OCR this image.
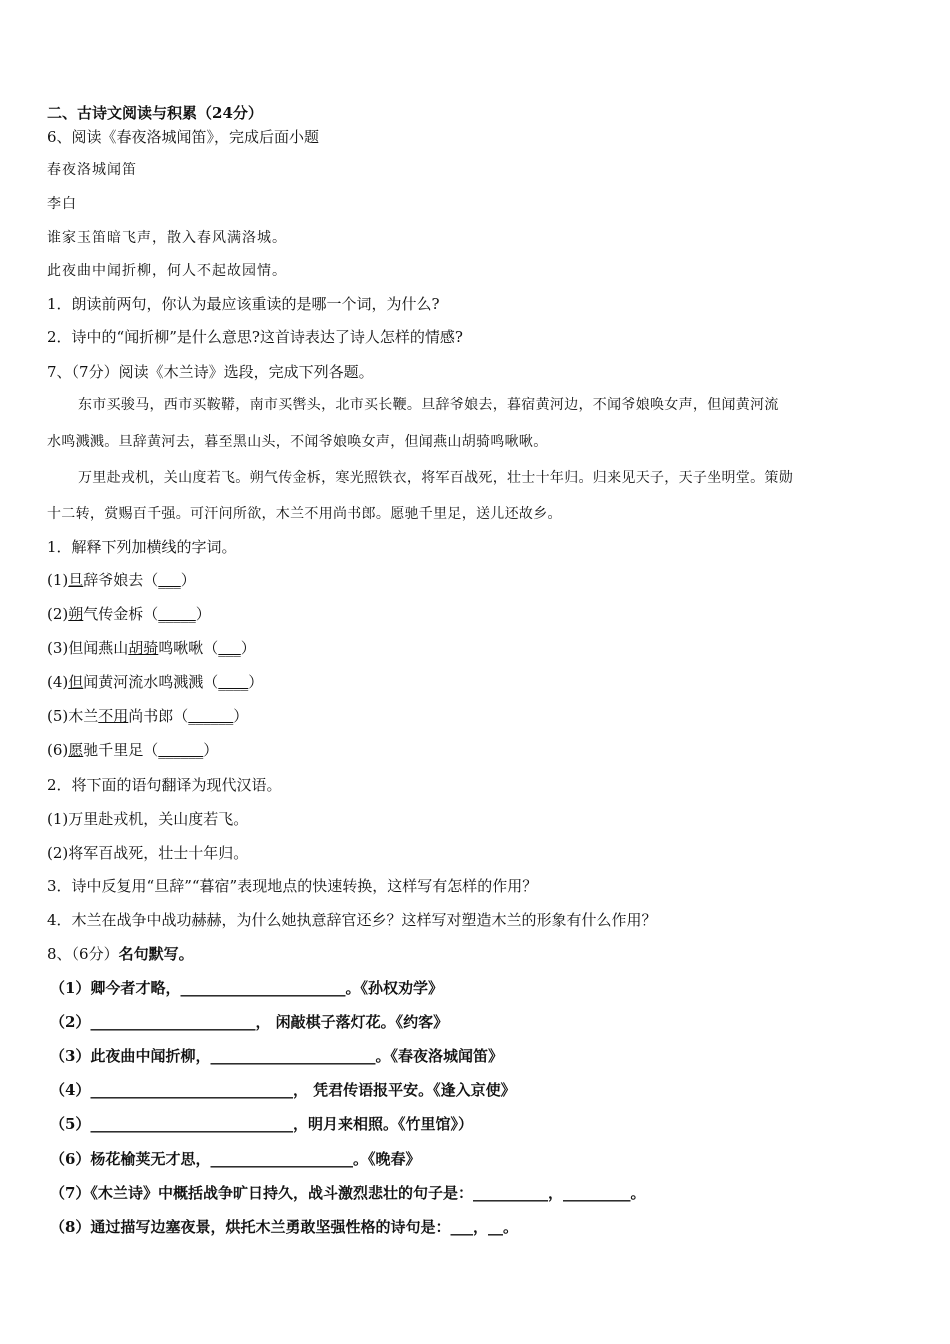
二、古诗文阅读与积累（24分）
6、阅读《春夜洛城闻笛》，完成后面小题
春夜洛城闻笛
李白
谁家玉笛暗飞声，散入春风满洛城。
此夜曲中闻折柳，何人不起故园情。
1．朗读前两句，你认为最应该重读的是哪一个词，为什么?
2．诗中的“闻折柳”是什么意思?这首诗表达了诗人怎样的情感?
7、（7分）阅读《木兰诗》选段，完成下列各题。
东市买骏马，西市买鞍鞯，南市买辔头，北市买长鞭。旦辞爷娘去，暮宿黄河边，不闻爷娘唤女声，但闻黄河流
水鸣溅溅。旦辞黄河去，暮至黑山头，不闻爷娘唤女声，但闻燕山胡骑鸣啾啾。
万里赴戎机，关山度若飞。朔气传金柝，寒光照铁衣，将军百战死，壮士十年归。归来见天子，天子坐明堂。策勋
十二转，赏赐百千强。可汗问所欲，木兰不用尚书郎。愿驰千里足，送儿还故乡。
1．解释下列加横线的字词。
(1)旦辞爷娘去（___）
(2)朔气传金柝（_____）
(3)但闻燕山胡骑鸣啾啾（___）
(4)但闻黄河流水鸣溅溅（____）
(5)木兰不用尚书郎（______）
(6)愿驰千里足（______）
2．将下面的语句翻译为现代汉语。
(1)万里赴戎机，关山度若飞。
(2)将军百战死，壮士十年归。
3．诗中反复用“旦辞”“暮宿”表现地点的快速转换，这样写有怎样的作用？
4．木兰在战争中战功赫赫，为什么她执意辞官还乡？这样写对塑造木兰的形象有什么作用？
8、（6分）名句默写。
（1）卿今者才略，______________________。《孙权劝学》
（2）______________________， 闲敲棋子落灯花。《约客》
（3）此夜曲中闻折柳，______________________。《春夜洛城闻笛》
（4）___________________________， 凭君传语报平安。《逢入京使》
（5）___________________________，明月来相照。《竹里馆》）
（6）杨花榆荚无才思，___________________。《晚春》
（7）《木兰诗》中概括战争旷日持久，战斗激烈悲壮的句子是：__________，_________。
（8）通过描写边塞夜景，烘托木兰勇敢坚强性格的诗句是：___，__。
